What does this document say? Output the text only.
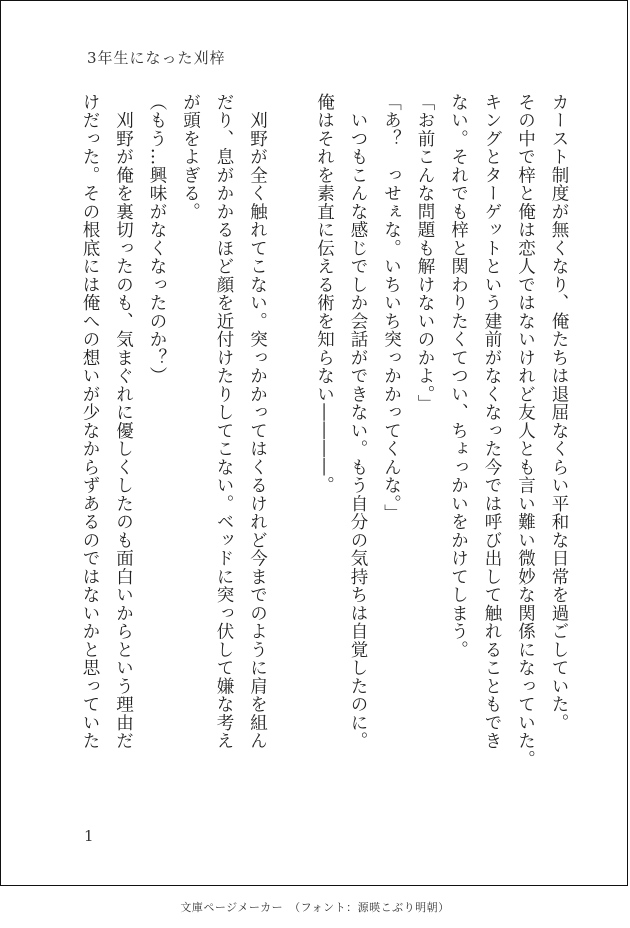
3年生になった刈梓
カースト制度が無くなり、俺たちは退屈なくらい平和な日常を過ごしていた。
その中で梓と俺は恋人ではないけれど友人とも言い難い微妙な関係になっていた。
キングとターゲットという建前がなくなった今では呼び出して触れることもでき
ない。それでも梓と関わりたくてつい、ちょっかいをかけてしまう。
「お前こんな問題も解けないのかよ。」
「あ？　っせぇな。いちいち突っかかってくんな。」
　いつもこんな感じでしか会話ができない。もう自分の気持ちは自覚したのに。
俺はそれを素直に伝える術を知らない――――。

　刈野が全く触れてこない。突っかかってはくるけれど今までのように肩を組ん
だり、息がかかるほど顔を近付けたりしてこない。ベッドに突っ伏して嫌な考え
が頭をよぎる。
（もう…興味がなくなったのか？）
　刈野が俺を裏切ったのも、気まぐれに優しくしたのも面白いからという理由だ
けだった。その根底には俺への想いが少なからずあるのではないかと思っていた
1
文庫ページメーカー　（フォント：源暎こぶり明朝）
